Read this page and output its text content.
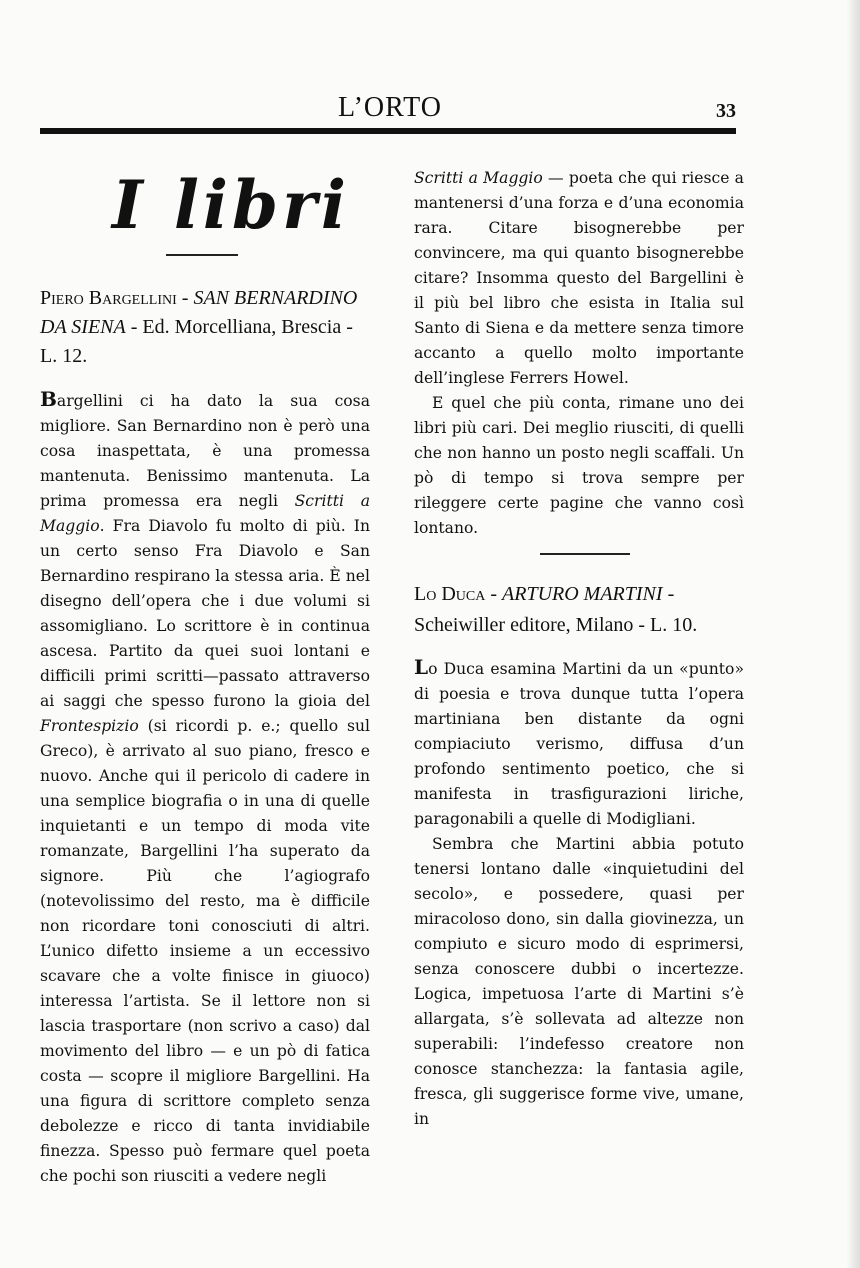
L’ORTO	33
I libri
Piero Bargellini - SAN BERNARDINO DA SIENA - Ed. Morcelliana, Brescia - L. 12.
Bargellini ci ha dato la sua cosa migliore. San Bernardino non è però una cosa inaspettata, è una promessa mantenuta. Benissimo mantenuta. La prima promessa era negli Scritti a Maggio. Fra Diavolo fu molto di più. In un certo senso Fra Diavolo e San Bernardino respirano la stessa aria. È nel disegno dell’opera che i due volumi si assomigliano. Lo scrittore è in continua ascesa. Partito da quei suoi lontani e difficili primi scritti—passato attraverso ai saggi che spesso furono la gioia del Frontespizio (si ricordi p. e.; quello sul Greco), è arrivato al suo piano, fresco e nuovo. Anche qui il pericolo di cadere in una semplice biografia o in una di quelle inquietanti e un tempo di moda vite romanzate, Bargellini l’ha superato da signore. Più che l’agiografo (notevolissimo del resto, ma è difficile non ricordare toni conosciuti di altri. L’unico difetto insieme a un eccessivo scavare che a volte finisce in giuoco) interessa l’artista. Se il lettore non si lascia trasportare (non scrivo a caso) dal movimento del libro — e un pò di fatica costa — scopre il migliore Bargellini. Ha una figura di scrittore completo senza debolezze e ricco di tanta invidiabile finezza. Spesso può fermare quel poeta che pochi son riusciti a vedere negli
Scritti a Maggio — poeta che qui riesce a mantenersi d’una forza e d’una economia rara. Citare bisognerebbe per convincere, ma qui quanto bisognerebbe citare? Insomma questo del Bargellini è il più bel libro che esista in Italia sul Santo di Siena e da mettere senza timore accanto a quello molto importante dell’inglese Ferrers Howel.
E quel che più conta, rimane uno dei libri più cari. Dei meglio riusciti, di quelli che non hanno un posto negli scaffali. Un pò di tempo si trova sempre per rileggere certe pagine che vanno così lontano.
Lo Duca - ARTURO MARTINI - Scheiwiller editore, Milano - L. 10.
Lo Duca esamina Martini da un «punto» di poesia e trova dunque tutta l’opera martiniana ben distante da ogni compiaciuto verismo, diffusa d’un profondo sentimento poetico, che si manifesta in trasfigurazioni liriche, paragonabili a quelle di Modigliani.
Sembra che Martini abbia potuto tenersi lontano dalle «inquietudini del secolo», e possedere, quasi per miracoloso dono, sin dalla giovinezza, un compiuto e sicuro modo di esprimersi, senza conoscere dubbi o incertezze. Logica, impetuosa l’arte di Martini s’è allargata, s’è sollevata ad altezze non superabili: l’indefesso creatore non conosce stanchezza: la fantasia agile, fresca, gli suggerisce forme vive, umane, in
